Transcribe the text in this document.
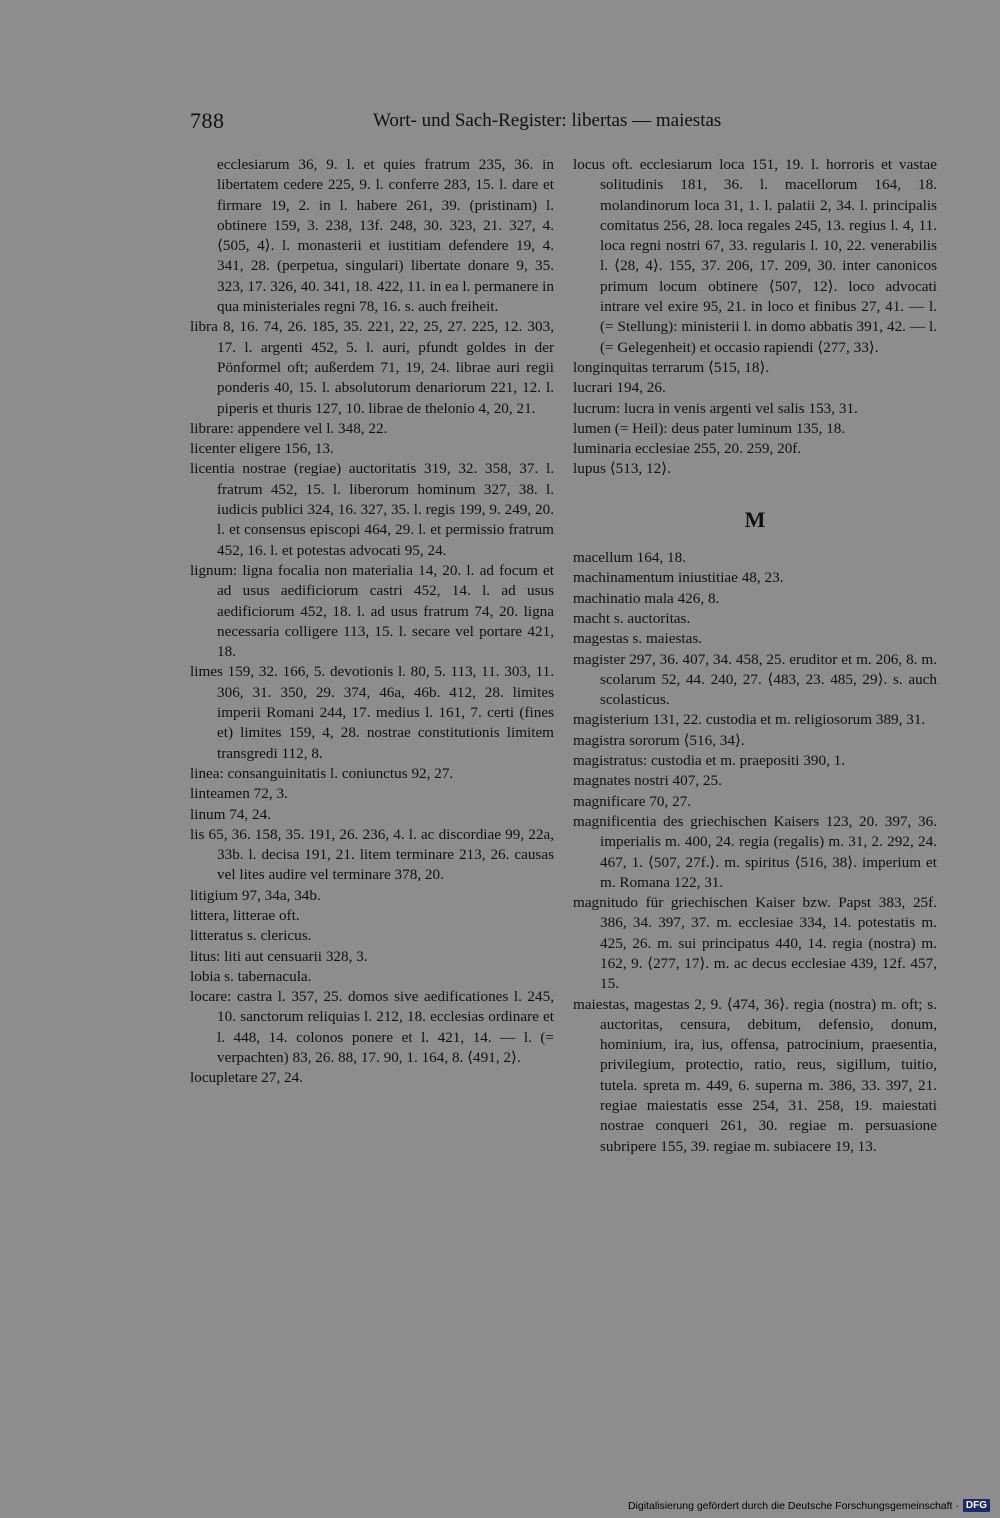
788	Wort- und Sach-Register: libertas — maiestas
ecclesiarum 36, 9. l. et quies fratrum 235, 36. in libertatem cedere 225, 9. l. conferre 283, 15. l. dare et firmare 19, 2. in l. habere 261, 39. (pristinam) l. obtinere 159, 3. 238, 13f. 248, 30. 323, 21. 327, 4. ⟨505, 4⟩. l. monasterii et iustitiam defendere 19, 4. 341, 28. (perpetua, singulari) libertate donare 9, 35. 323, 17. 326, 40. 341, 18. 422, 11. in ea l. permanere in qua ministeriales regni 78, 16. s. auch freiheit.
libra 8, 16. 74, 26. 185, 35. 221, 22, 25, 27. 225, 12. 303, 17. l. argenti 452, 5. l. auri, pfundt goldes in der Pönformel oft; außerdem 71, 19, 24. librae auri regii ponderis 40, 15. l. absolutorum denariorum 221, 12. l. piperis et thuris 127, 10. librae de thelonio 4, 20, 21.
librare: appendere vel l. 348, 22.
licenter eligere 156, 13.
licentia nostrae (regiae) auctoritatis 319, 32. 358, 37. l. fratrum 452, 15. l. liberorum hominum 327, 38. l. iudicis publici 324, 16. 327, 35. l. regis 199, 9. 249, 20. l. et consensus episcopi 464, 29. l. et permissio fratrum 452, 16. l. et potestas advocati 95, 24.
lignum: ligna focalia non materialia 14, 20. l. ad focum et ad usus aedificiorum castri 452, 14. l. ad usus aedificiorum 452, 18. l. ad usus fratrum 74, 20. ligna necessaria colligere 113, 15. l. secare vel portare 421, 18.
limes 159, 32. 166, 5. devotionis l. 80, 5. 113, 11. 303, 11. 306, 31. 350, 29. 374, 46a, 46b. 412, 28. limites imperii Romani 244, 17. medius l. 161, 7. certi (fines et) limites 159, 4, 28. nostrae constitutionis limitem transgredi 112, 8.
linea: consanguinitatis l. coniunctus 92, 27.
linteamen 72, 3.
linum 74, 24.
lis 65, 36. 158, 35. 191, 26. 236, 4. l. ac discordiae 99, 22a, 33b. l. decisa 191, 21. litem terminare 213, 26. causas vel lites audire vel terminare 378, 20.
litigium 97, 34a, 34b.
littera, litterae oft.
litteratus s. clericus.
litus: liti aut censuarii 328, 3.
lobia s. tabernacula.
locare: castra l. 357, 25. domos sive aedificationes l. 245, 10. sanctorum reliquias l. 212, 18. ecclesias ordinare et l. 448, 14. colonos ponere et l. 421, 14. — l. (= verpachten) 83, 26. 88, 17. 90, 1. 164, 8. ⟨491, 2⟩.
locupletare 27, 24.
locus oft. ecclesiarum loca 151, 19. l. horroris et vastae solitudinis 181, 36. l. macellorum 164, 18. molandinorum loca 31, 1. l. palatii 2, 34. l. principalis comitatus 256, 28. loca regales 245, 13. regius l. 4, 11. loca regni nostri 67, 33. regularis l. 10, 22. venerabilis l. ⟨28, 4⟩. 155, 37. 206, 17. 209, 30. inter canonicos primum locum obtinere ⟨507, 12⟩. loco advocati intrare vel exire 95, 21. in loco et finibus 27, 41. — l. (= Stellung): ministerii l. in domo abbatis 391, 42. — l. (= Gelegenheit) et occasio rapiendi ⟨277, 33⟩.
longinquitas terrarum ⟨515, 18⟩.
lucrari 194, 26.
lucrum: lucra in venis argenti vel salis 153, 31.
lumen (= Heil): deus pater luminum 135, 18.
luminaria ecclesiae 255, 20. 259, 20f.
lupus ⟨513, 12⟩.
M
macellum 164, 18.
machinamentum iniustitiae 48, 23.
machinatio mala 426, 8.
macht s. auctoritas.
magestas s. maiestas.
magister 297, 36. 407, 34. 458, 25. eruditor et m. 206, 8. m. scolarum 52, 44. 240, 27. ⟨483, 23. 485, 29⟩. s. auch scolasticus.
magisterium 131, 22. custodia et m. religiosorum 389, 31.
magistra sororum ⟨516, 34⟩.
magistratus: custodia et m. praepositi 390, 1.
magnates nostri 407, 25.
magnificare 70, 27.
magnificentia des griechischen Kaisers 123, 20. 397, 36. imperialis m. 400, 24. regia (regalis) m. 31, 2. 292, 24. 467, 1. ⟨507, 27f.⟩. m. spiritus ⟨516, 38⟩. imperium et m. Romana 122, 31.
magnitudo für griechischen Kaiser bzw. Papst 383, 25f. 386, 34. 397, 37. m. ecclesiae 334, 14. potestatis m. 425, 26. m. sui principatus 440, 14. regia (nostra) m. 162, 9. ⟨277, 17⟩. m. ac decus ecclesiae 439, 12f. 457, 15.
maiestas, magestas 2, 9. ⟨474, 36⟩. regia (nostra) m. oft; s. auctoritas, censura, debitum, defensio, donum, hominium, ira, ius, offensa, patrocinium, praesentia, privilegium, protectio, ratio, reus, sigillum, tuitio, tutela. spreta m. 449, 6. superna m. 386, 33. 397, 21. regiae maiestatis esse 254, 31. 258, 19. maiestati nostrae conqueri 261, 30. regiae m. persuasione subripere 155, 39. regiae m. subiacere 19, 13.
Digitalisierung gefördert durch die Deutsche Forschungsgemeinschaft · DFG
